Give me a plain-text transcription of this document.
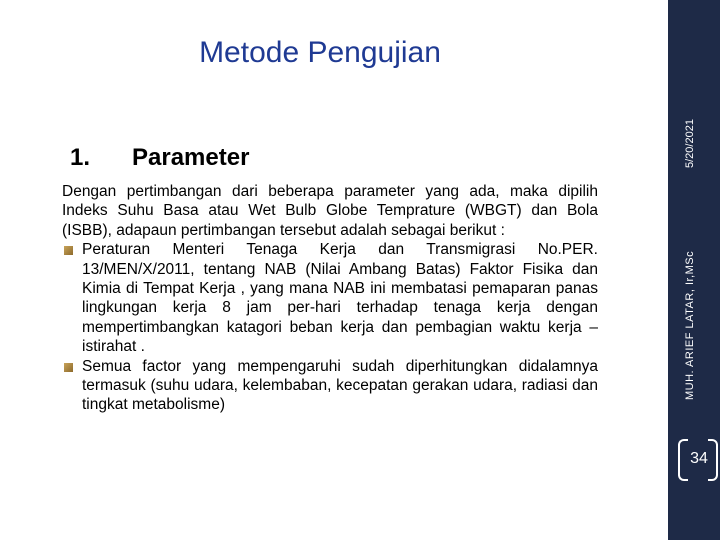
Metode Pengujian
1. Parameter

Dengan pertimbangan dari beberapa parameter yang ada, maka dipilih Indeks Suhu Basa atau Wet Bulb Globe Temprature (WBGT) dan Bola (ISBB), adapaun pertimbangan tersebut adalah sebagai berikut :

Peraturan Menteri Tenaga Kerja dan Transmigrasi No.PER. 13/MEN/X/2011, tentang NAB (Nilai Ambang Batas) Faktor Fisika dan Kimia di Tempat Kerja , yang mana NAB ini membatasi pemaparan panas lingkungan kerja 8 jam per-hari terhadap tenaga kerja dengan mempertimbangkan katagori beban kerja dan pembagian waktu kerja –istirahat .

Semua factor yang mempengaruhi sudah diperhitungkan didalamnya termasuk (suhu udara, kelembaban, kecepatan gerakan udara, radiasi dan tingkat metabolisme)

5/20/2021
MUH. ARIEF LATAR, Ir,MSc
34
